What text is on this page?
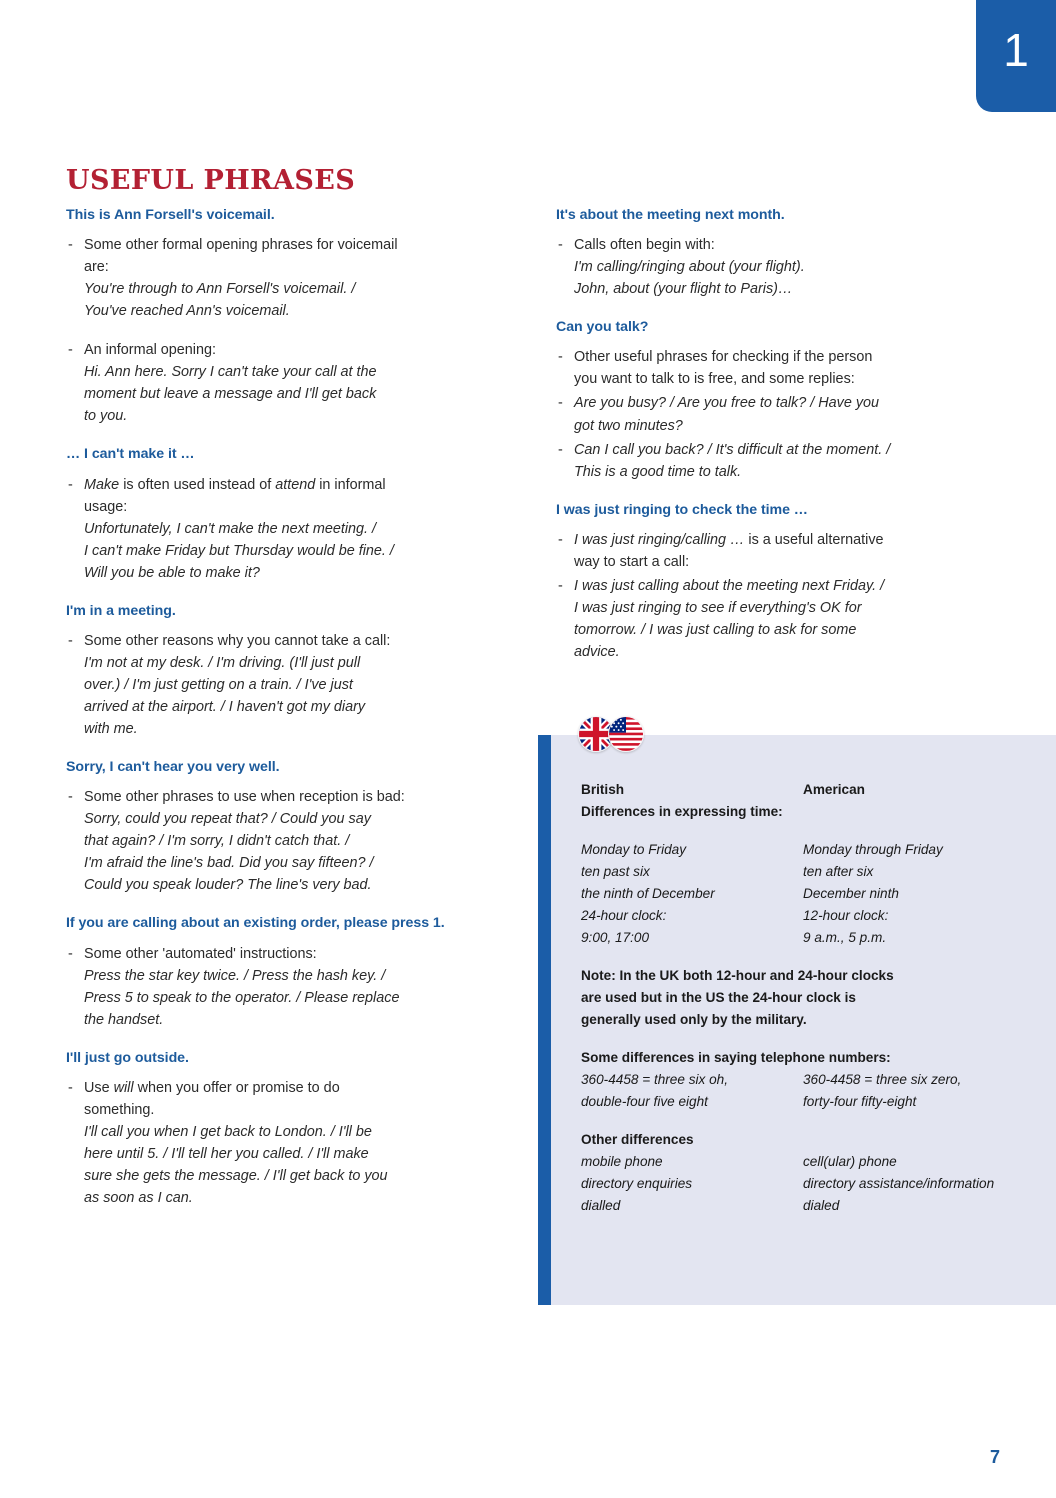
1
USEFUL PHRASES
This is Ann Forsell's voicemail.
- Some other formal opening phrases for voicemail
are:
You're through to Ann Forsell's voicemail. /
You've reached Ann's voicemail.
- An informal opening:
Hi. Ann here. Sorry I can't take your call at the
moment but leave a message and I'll get back
to you.
… I can't make it …
- Make is often used instead of attend in informal
usage:
Unfortunately, I can't make the next meeting. /
I can't make Friday but Thursday would be fine. /
Will you be able to make it?
I'm in a meeting.
- Some other reasons why you cannot take a call:
I'm not at my desk. / I'm driving. (I'll just pull
over.) / I'm just getting on a train. / I've just
arrived at the airport. / I haven't got my diary
with me.
Sorry, I can't hear you very well.
- Some other phrases to use when reception is bad:
Sorry, could you repeat that? / Could you say
that again? / I'm sorry, I didn't catch that. /
I'm afraid the line's bad. Did you say fifteen? /
Could you speak louder? The line's very bad.
If you are calling about an existing order, please press 1.
- Some other 'automated' instructions:
Press the star key twice. / Press the hash key. /
Press 5 to speak to the operator. / Please replace
the handset.
I'll just go outside.
- Use will when you offer or promise to do
something.
I'll call you when I get back to London. / I'll be
here until 5. / I'll tell her you called. / I'll make
sure she gets the message. / I'll get back to you
as soon as I can.
It's about the meeting next month.
- Calls often begin with:
I'm calling/ringing about (your flight).
John, about (your flight to Paris)…
Can you talk?
- Other useful phrases for checking if the person
you want to talk to is free, and some replies:
- Are you busy? / Are you free to talk? / Have you
got two minutes?
- Can I call you back? / It's difficult at the moment. /
This is a good time to talk.
I was just ringing to check the time …
- I was just ringing/calling … is a useful alternative
way to start a call:
- I was just calling about the meeting next Friday. /
I was just ringing to see if everything's OK for
tomorrow. / I was just calling to ask for some
advice.
British	American
Differences in expressing time:
Monday to Friday	Monday through Friday
ten past six	ten after six
the ninth of December	December ninth
24-hour clock:	12-hour clock:
9:00, 17:00	9 a.m., 5 p.m.
Note: In the UK both 12-hour and 24-hour clocks
are used but in the US the 24-hour clock is
generally used only by the military.
Some differences in saying telephone numbers:
360-4458 = three six oh,	360-4458 = three six zero,
double-four five eight	forty-four fifty-eight
Other differences
mobile phone	cell(ular) phone
directory enquiries	directory assistance/information
dialled	dialed
7
